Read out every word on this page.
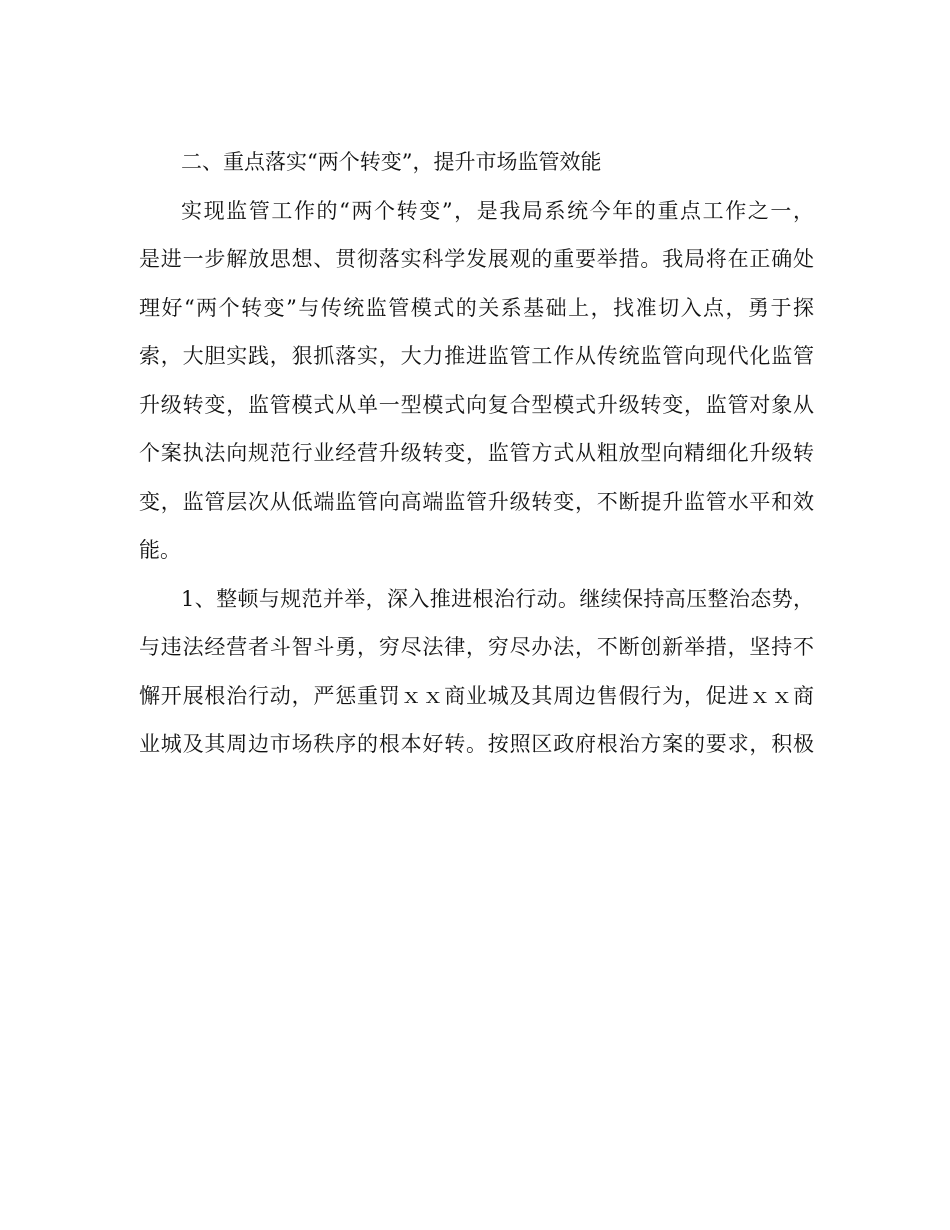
二、重点落实“两个转变”，提升市场监管效能
实现监管工作的“两个转变”，是我局系统今年的重点工作之一，
是进一步解放思想、贯彻落实科学发展观的重要举措。我局将在正确处
理好“两个转变”与传统监管模式的关系基础上，找准切入点，勇于探
索，大胆实践，狠抓落实，大力推进监管工作从传统监管向现代化监管
升级转变，监管模式从单一型模式向复合型模式升级转变，监管对象从
个案执法向规范行业经营升级转变，监管方式从粗放型向精细化升级转
变，监管层次从低端监管向高端监管升级转变，不断提升监管水平和效
能。
1、整顿与规范并举，深入推进根治行动。继续保持高压整治态势，
与违法经营者斗智斗勇，穷尽法律，穷尽办法，不断创新举措，坚持不
懈开展根治行动，严惩重罚ｘｘ商业城及其周边售假行为，促进ｘｘ商
业城及其周边市场秩序的根本好转。按照区政府根治方案的要求，积极
